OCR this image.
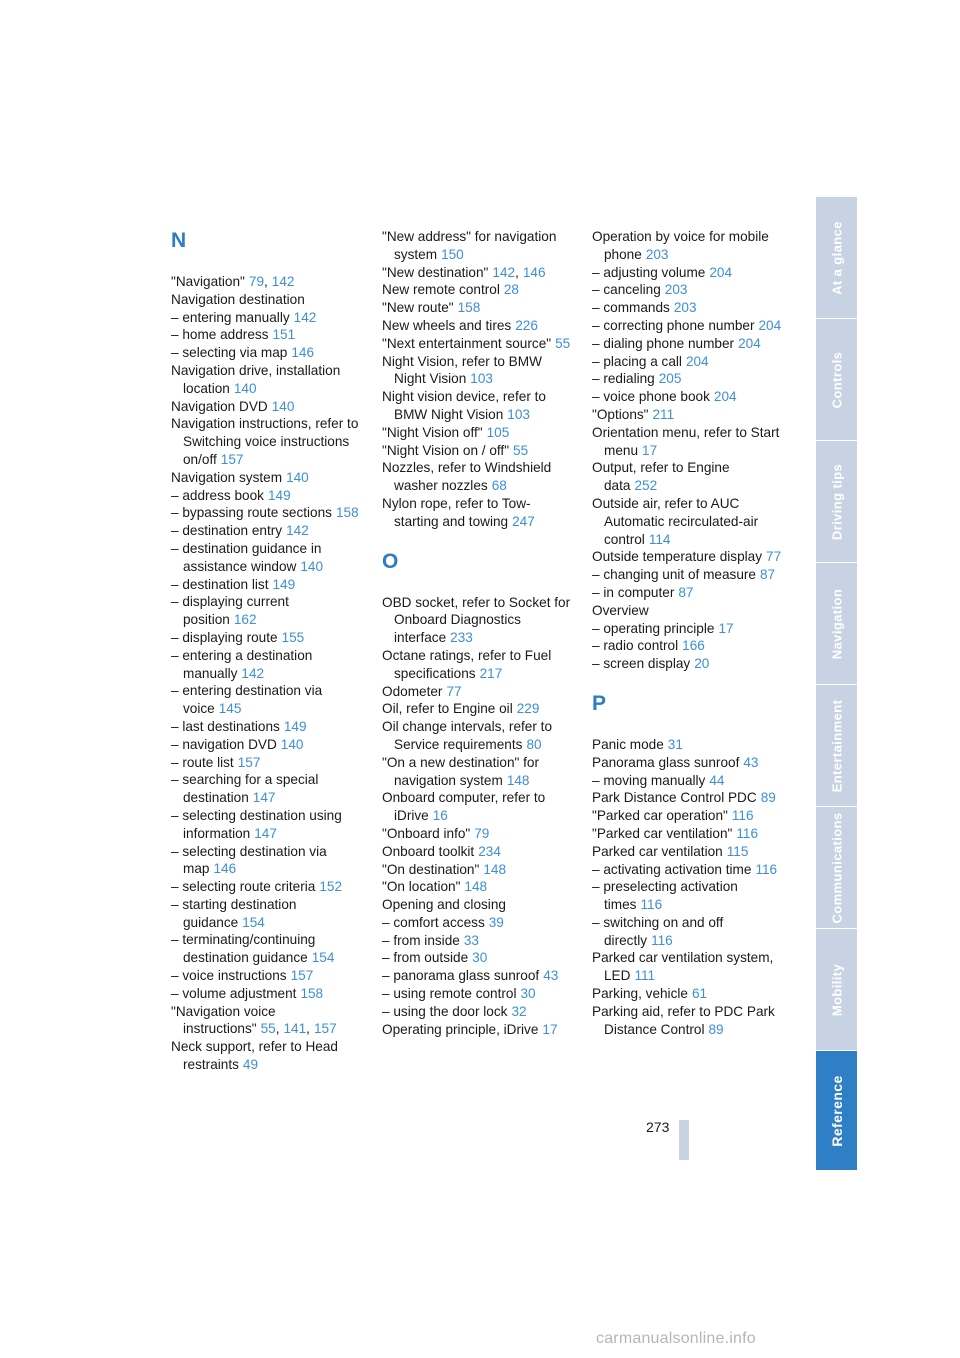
N

"Navigation" 79, 142

Navigation destination

– entering manually 142

– home address 151

– selecting via map 146

Navigation drive, installation location 140

Navigation DVD 140

Navigation instructions, refer to Switching voice instructions on/off 157

Navigation system 140

– address book 149

– bypassing route sections 158

– destination entry 142

– destination guidance in assistance window 140

– destination list 149

– displaying current position 162

– displaying route 155

– entering a destination manually 142

– entering destination via voice 145

– last destinations 149

– navigation DVD 140

– route list 157

– searching for a special destination 147

– selecting destination using information 147

– selecting destination via map 146

– selecting route criteria 152

– starting destination guidance 154

– terminating/continuing destination guidance 154

– voice instructions 157

– volume adjustment 158

"Navigation voice instructions" 55, 141, 157

Neck support, refer to Head restraints 49

"New address" for navigation system 150

"New destination" 142, 146

New remote control 28

"New route" 158

New wheels and tires 226

"Next entertainment source" 55

Night Vision, refer to BMW Night Vision 103

Night vision device, refer to BMW Night Vision 103

"Night Vision off" 105

"Night Vision on / off" 55

Nozzles, refer to Windshield washer nozzles 68

Nylon rope, refer to Tow-starting and towing 247

O

OBD socket, refer to Socket for Onboard Diagnostics interface 233

Octane ratings, refer to Fuel specifications 217

Odometer 77

Oil, refer to Engine oil 229

Oil change intervals, refer to Service requirements 80

"On a new destination" for navigation system 148

Onboard computer, refer to iDrive 16

"Onboard info" 79

Onboard toolkit 234

"On destination" 148

"On location" 148

Opening and closing

– comfort access 39

– from inside 33

– from outside 30

– panorama glass sunroof 43

– using remote control 30

– using the door lock 32

Operating principle, iDrive 17

Operation by voice for mobile phone 203

– adjusting volume 204

– canceling 203

– commands 203

– correcting phone number 204

– dialing phone number 204

– placing a call 204

– redialing 205

– voice phone book 204

"Options" 211

Orientation menu, refer to Start menu 17

Output, refer to Engine data 252

Outside air, refer to AUC Automatic recirculated-air control 114

Outside temperature display 77

– changing unit of measure 87

– in computer 87

Overview

– operating principle 17

– radio control 166

– screen display 20

P

Panic mode 31

Panorama glass sunroof 43

– moving manually 44

Park Distance Control PDC 89

"Parked car operation" 116

"Parked car ventilation" 116

Parked car ventilation 115

– activating activation time 116

– preselecting activation times 116

– switching on and off directly 116

Parked car ventilation system, LED 111

Parking, vehicle 61

Parking aid, refer to PDC Park Distance Control 89

At a glance
Controls
Driving tips
Navigation
Entertainment
Communications
Mobility
Reference
273
carmanualsonline.info
